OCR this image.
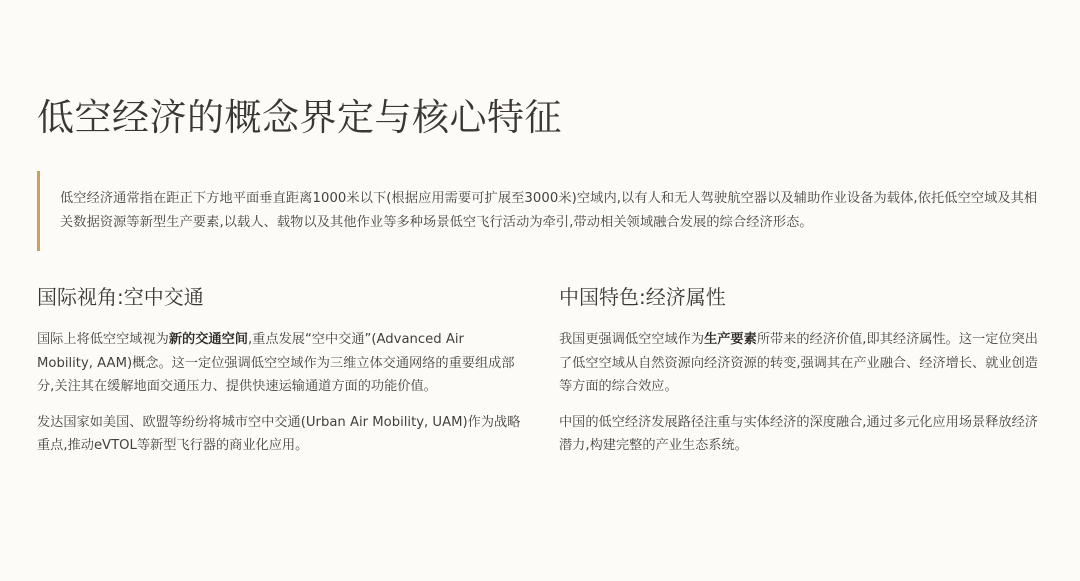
低空经济的概念界定与核心特征

低空经济通常指在距正下方地平面垂直距离1000米以下(根据应用需要可扩展至3000米)空域内,以有人和无人驾驶航空器以及辅助作业设备为载体,依托低空空域及其相关数据资源等新型生产要素,以载人、载物以及其他作业等多种场景低空飞行活动为牵引,带动相关领域融合发展的综合经济形态。

国际视角:空中交通

国际上将低空空域视为新的交通空间,重点发展“空中交通”(Advanced Air Mobility, AAM)概念。这一定位强调低空空域作为三维立体交通网络的重要组成部分,关注其在缓解地面交通压力、提供快速运输通道方面的功能价值。

发达国家如美国、欧盟等纷纷将城市空中交通(Urban Air Mobility, UAM)作为战略重点,推动eVTOL等新型飞行器的商业化应用。

中国特色:经济属性

我国更强调低空空域作为生产要素所带来的经济价值,即其经济属性。这一定位突出了低空空域从自然资源向经济资源的转变,强调其在产业融合、经济增长、就业创造等方面的综合效应。

中国的低空经济发展路径注重与实体经济的深度融合,通过多元化应用场景释放经济潜力,构建完整的产业生态系统。
